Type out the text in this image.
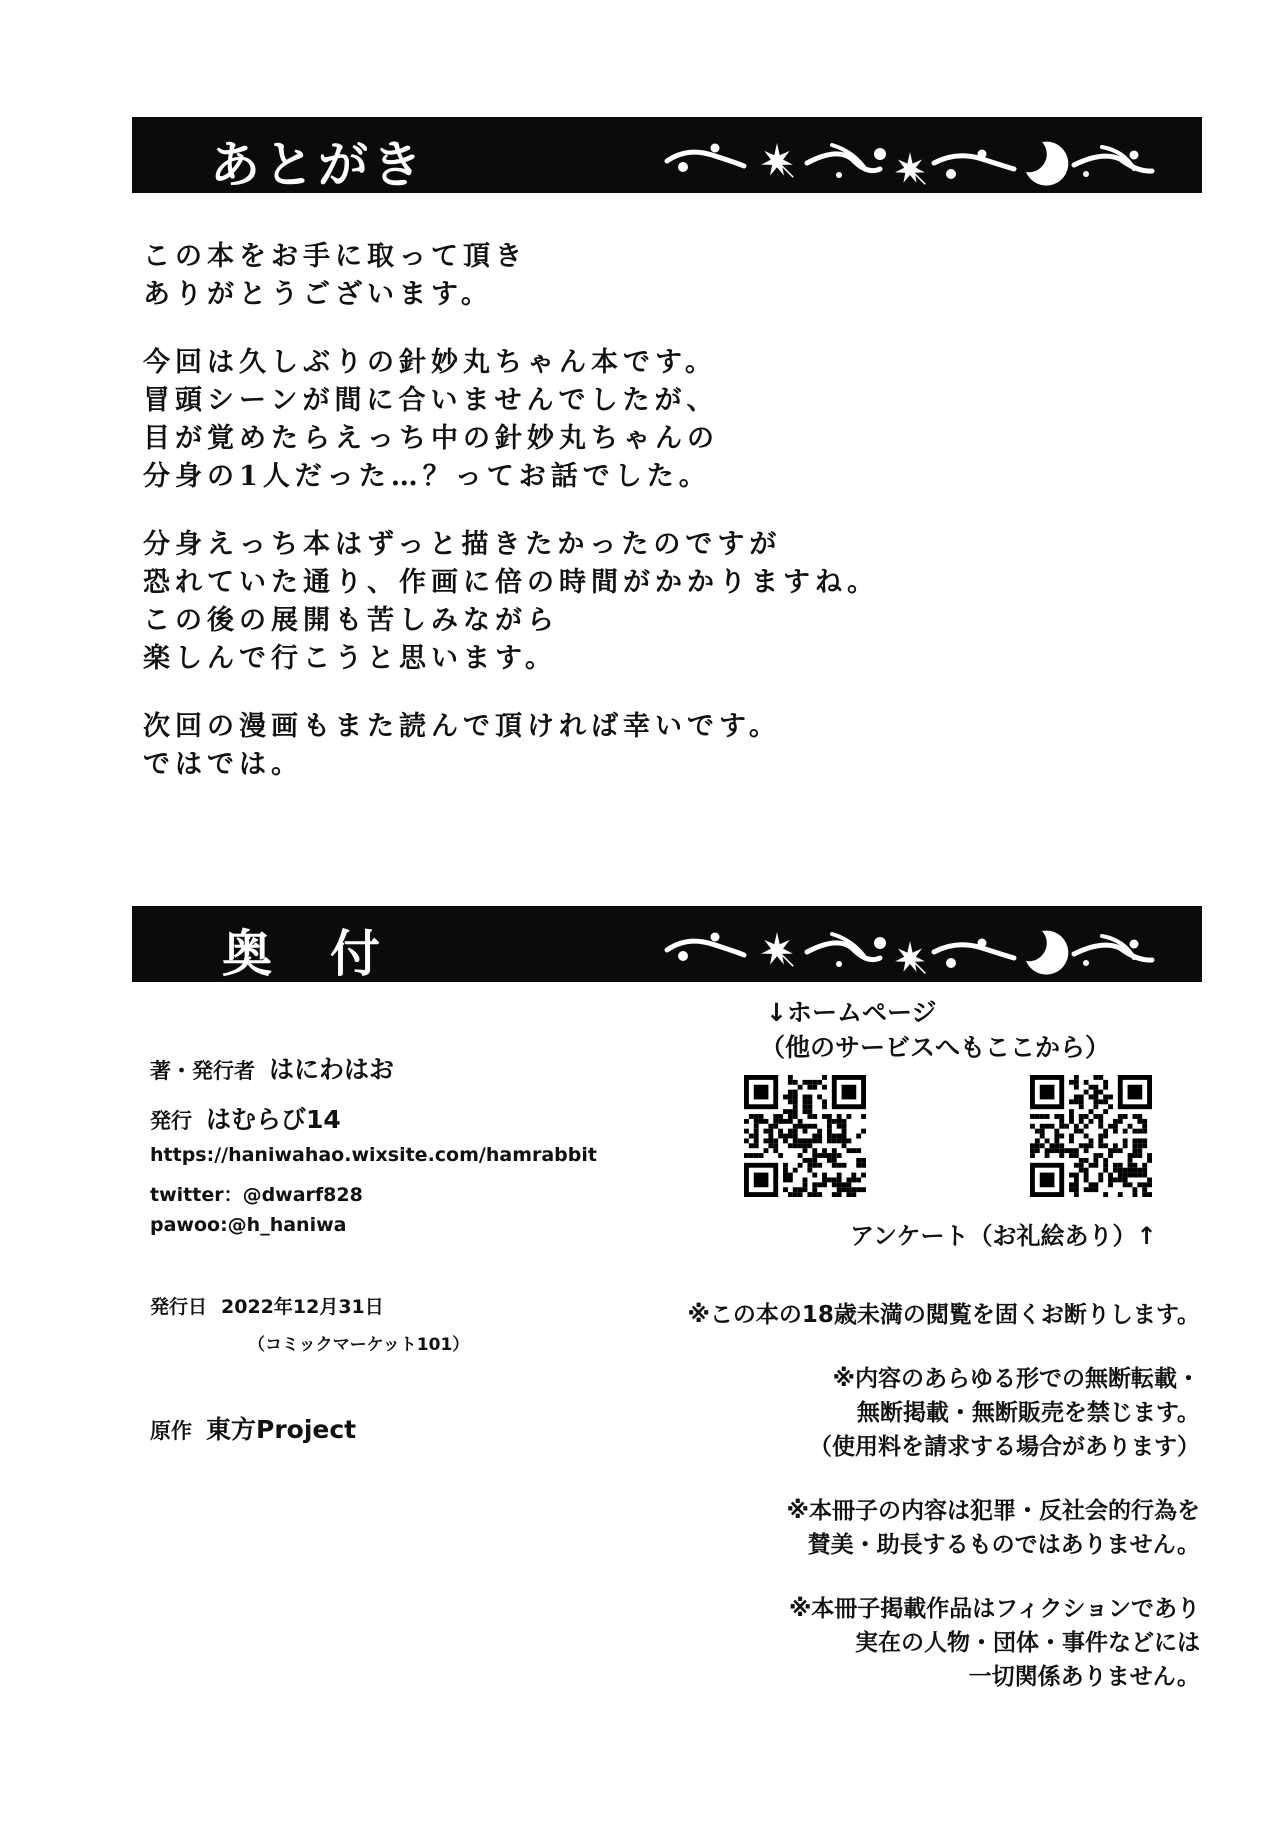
あとがき

この本をお手に取って頂き
ありがとうございます。

今回は久しぶりの針妙丸ちゃん本です。
冒頭シーンが間に合いませんでしたが、
目が覚めたらえっち中の針妙丸ちゃんの
分身の1人だった…？ってお話でした。

分身えっち本はずっと描きたかったのですが
恐れていた通り、作画に倍の時間がかかりますね。
この後の展開も苦しみながら
楽しんで行こうと思います。

次回の漫画もまた読んで頂ければ幸いです。
ではでは。

奥　付
著・発行者 はにわはお
発行 はむらび14
https://haniwahao.wixsite.com/hamrabbit
twitter：@dwarf828
pawoo:@h_haniwa
発行日 2022年12月31日
（コミックマーケット101）
原作 東方Project
↓ホームページ
（他のサービスへもここから）
アンケート（お礼絵あり）↑

※この本の18歳未満の閲覧を固くお断りします。

※内容のあらゆる形での無断転載・
無断掲載・無断販売を禁じます。
（使用料を請求する場合があります）

※本冊子の内容は犯罪・反社会的行為を
賛美・助長するものではありません。

※本冊子掲載作品はフィクションであり
実在の人物・団体・事件などには
一切関係ありません。
